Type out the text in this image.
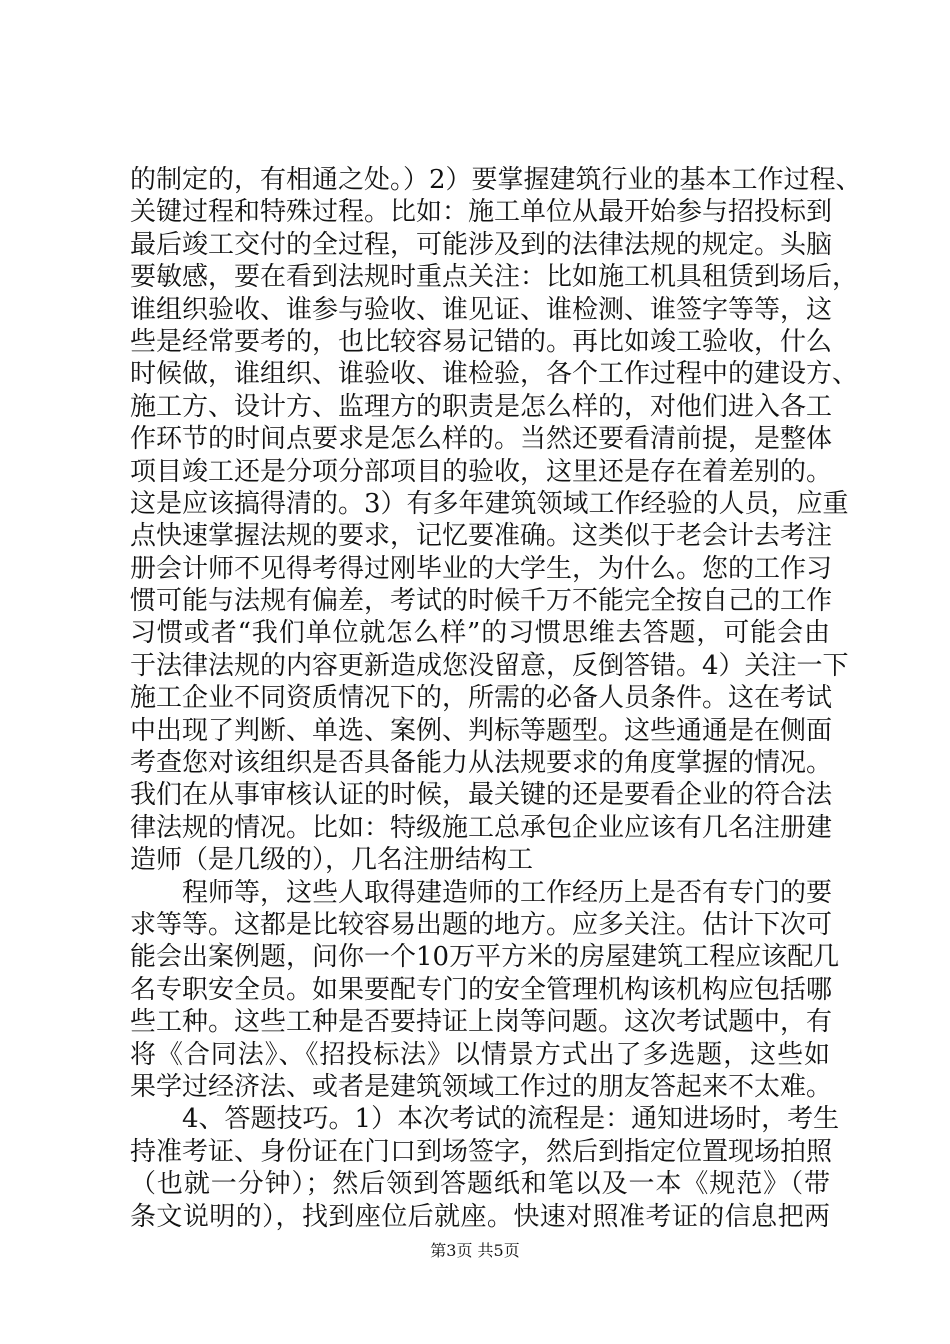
的制定的，有相通之处。）2）要掌握建筑行业的基本工作过程、
关键过程和特殊过程。比如：施工单位从最开始参与招投标到
最后竣工交付的全过程，可能涉及到的法律法规的规定。头脑
要敏感，要在看到法规时重点关注：比如施工机具租赁到场后，
谁组织验收、谁参与验收、谁见证、谁检测、谁签字等等，这
些是经常要考的，也比较容易记错的。再比如竣工验收，什么
时候做，谁组织、谁验收、谁检验，各个工作过程中的建设方、
施工方、设计方、监理方的职责是怎么样的，对他们进入各工
作环节的时间点要求是怎么样的。当然还要看清前提，是整体
项目竣工还是分项分部项目的验收，这里还是存在着差别的。
这是应该搞得清的。3）有多年建筑领域工作经验的人员，应重
点快速掌握法规的要求，记忆要准确。这类似于老会计去考注
册会计师不见得考得过刚毕业的大学生，为什么。您的工作习
惯可能与法规有偏差，考试的时候千万不能完全按自己的工作
习惯或者“我们单位就怎么样”的习惯思维去答题，可能会由
于法律法规的内容更新造成您没留意，反倒答错。4）关注一下
施工企业不同资质情况下的，所需的必备人员条件。这在考试
中出现了判断、单选、案例、判标等题型。这些通通是在侧面
考查您对该组织是否具备能力从法规要求的角度掌握的情况。
我们在从事审核认证的时候，最关键的还是要看企业的符合法
律法规的情况。比如：特级施工总承包企业应该有几名注册建
造师（是几级的），几名注册结构工
程师等，这些人取得建造师的工作经历上是否有专门的要
求等等。这都是比较容易出题的地方。应多关注。估计下次可
能会出案例题，问你一个10万平方米的房屋建筑工程应该配几
名专职安全员。如果要配专门的安全管理机构该机构应包括哪
些工种。这些工种是否要持证上岗等问题。这次考试题中，有
将《合同法》、《招投标法》以情景方式出了多选题，这些如
果学过经济法、或者是建筑领域工作过的朋友答起来不太难。
4、答题技巧。1）本次考试的流程是：通知进场时，考生
持准考证、身份证在门口到场签字，然后到指定位置现场拍照
（也就一分钟）；然后领到答题纸和笔以及一本《规范》（带
条文说明的），找到座位后就座。快速对照准考证的信息把两
第3页 共5页
